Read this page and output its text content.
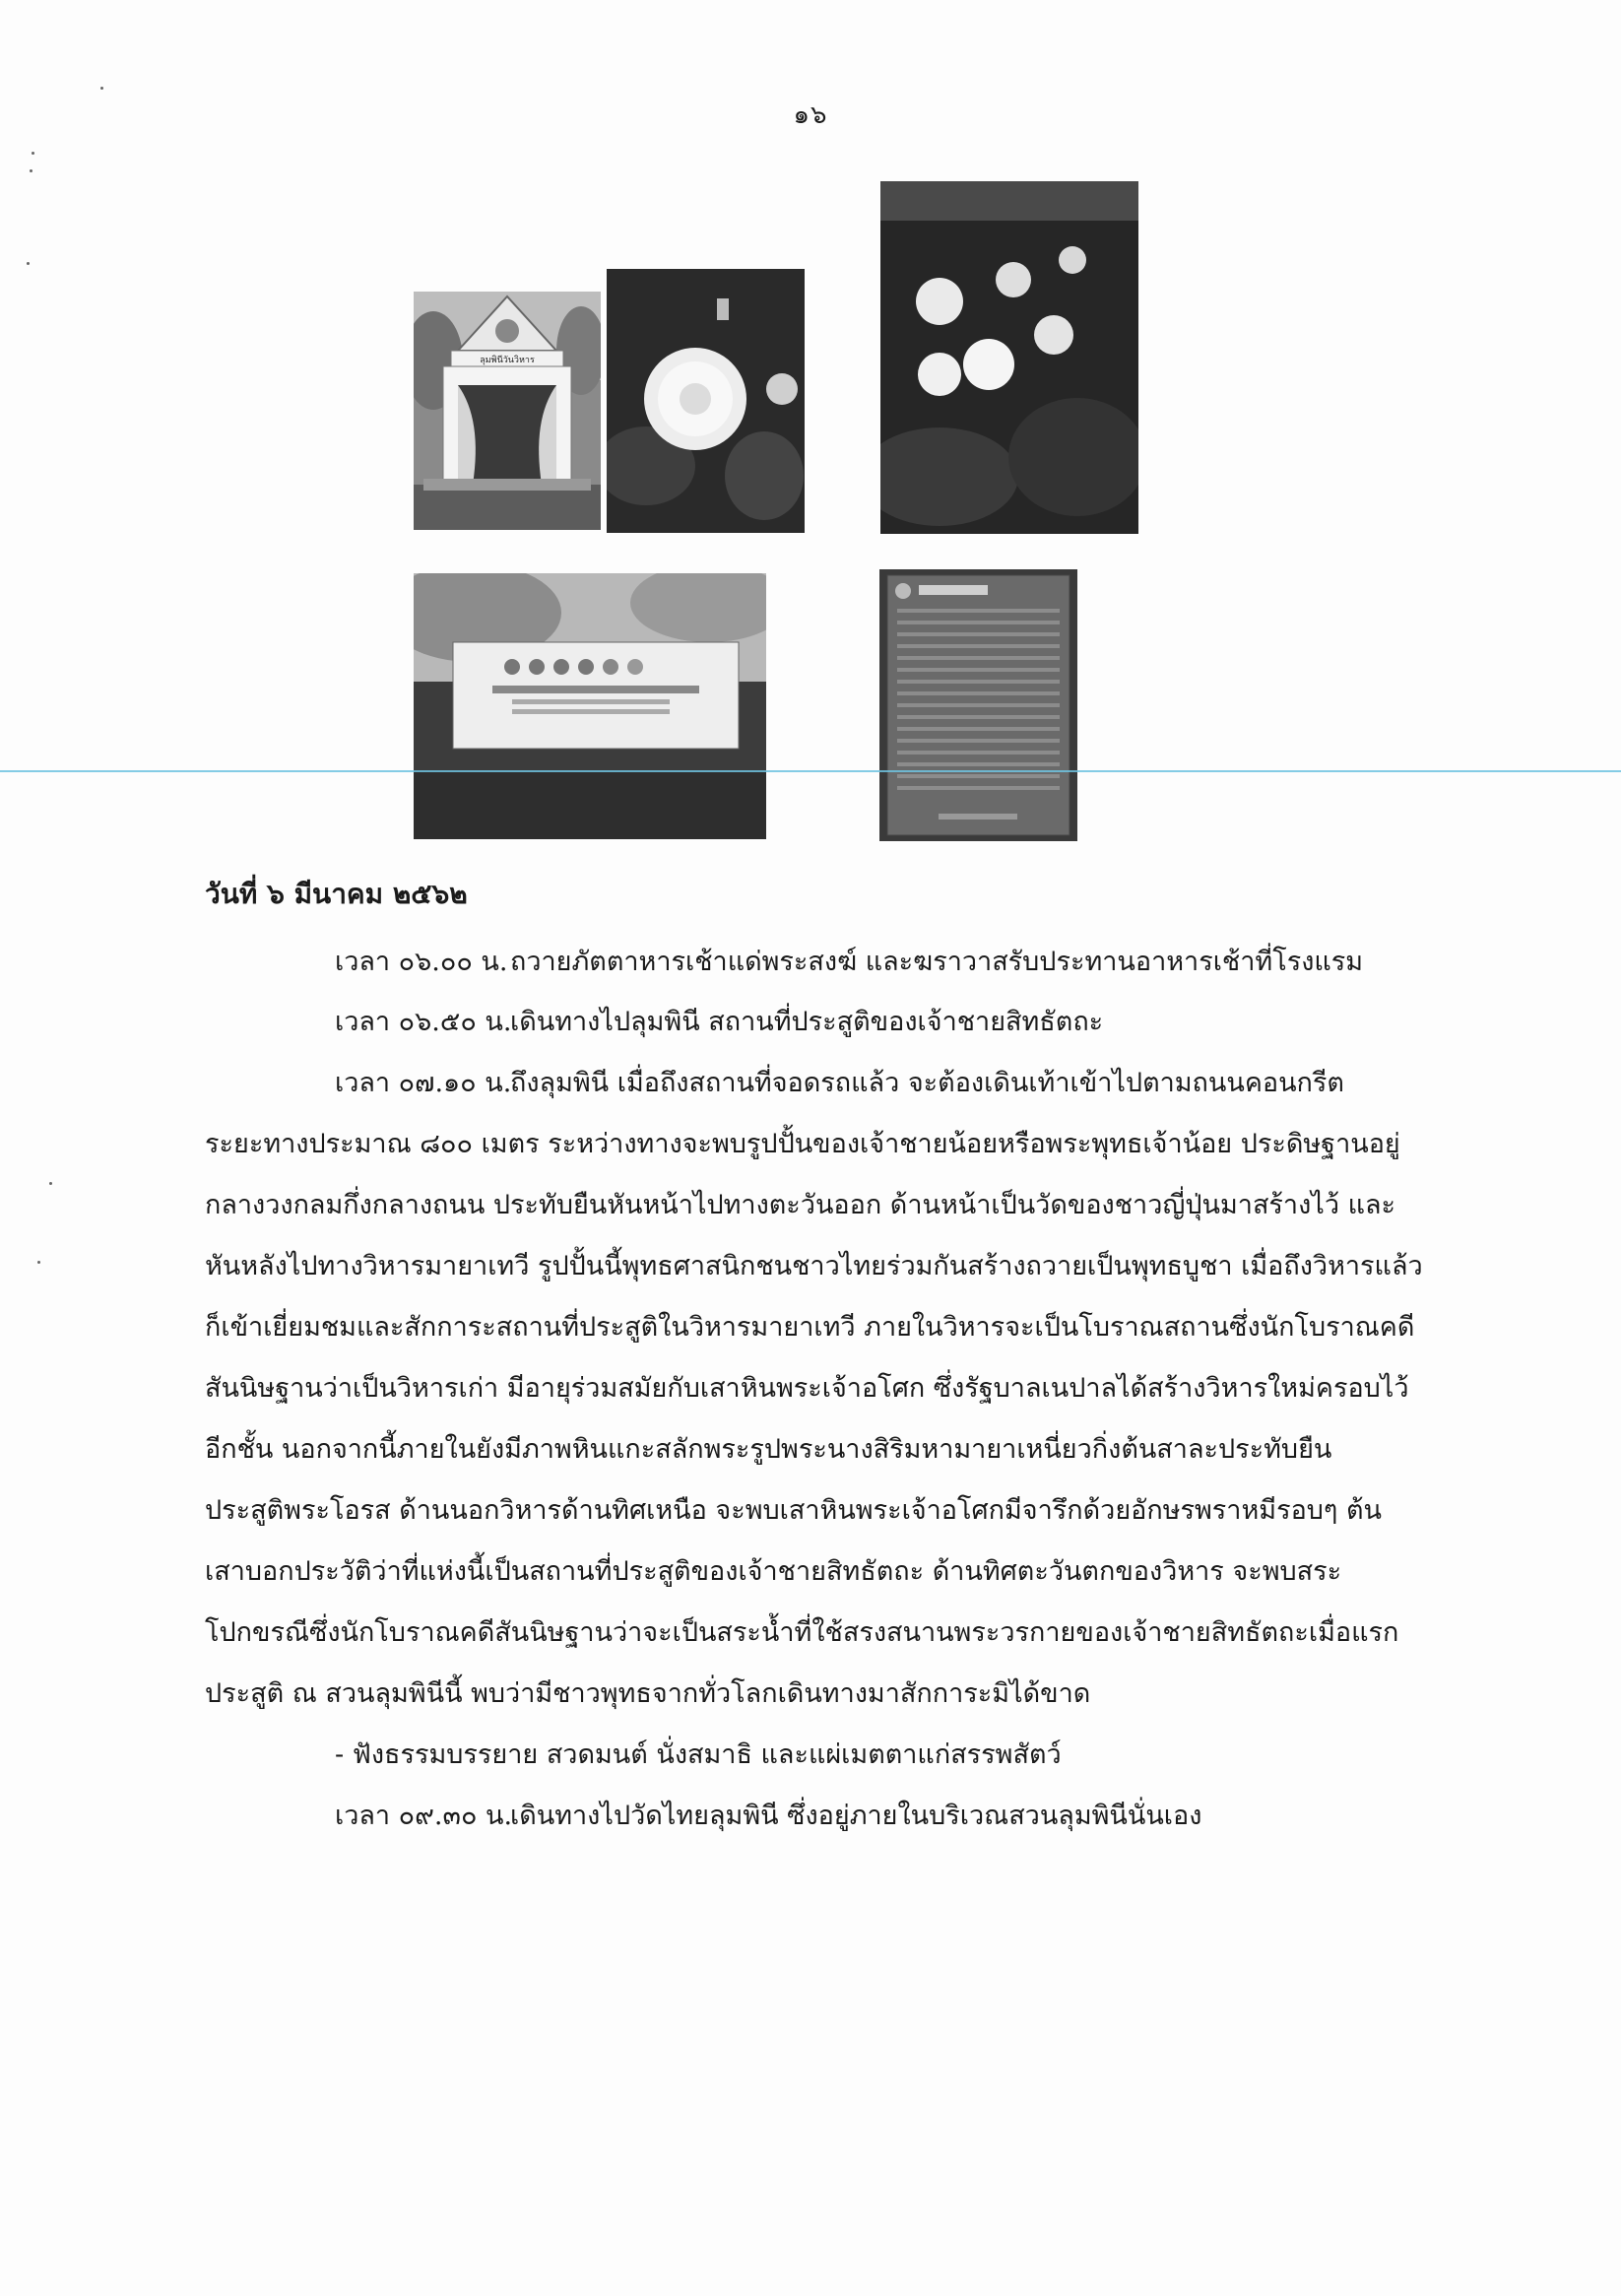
๑๖
ลุมพินีวันวิหาร
วันที่ ๖ มีนาคม ๒๕๖๒
เวลา ๐๖.๐๐ น.ถวายภัตตาหารเช้าแด่พระสงฆ์ และฆราวาสรับประทานอาหารเช้าที่โรงแรม
เวลา ๐๖.๕๐ น.เดินทางไปลุมพินี สถานที่ประสูติของเจ้าชายสิทธัตถะ
เวลา ๐๗.๑๐ น.ถึงลุมพินี เมื่อถึงสถานที่จอดรถแล้ว จะต้องเดินเท้าเข้าไปตามถนนคอนกรีต
ระยะทางประมาณ ๘๐๐ เมตร ระหว่างทางจะพบรูปปั้นของเจ้าชายน้อยหรือพระพุทธเจ้าน้อย ประดิษฐานอยู่
กลางวงกลมกึ่งกลางถนน ประทับยืนหันหน้าไปทางตะวันออก ด้านหน้าเป็นวัดของชาวญี่ปุ่นมาสร้างไว้ และ
หันหลังไปทางวิหารมายาเทวี รูปปั้นนี้พุทธศาสนิกชนชาวไทยร่วมกันสร้างถวายเป็นพุทธบูชา เมื่อถึงวิหารแล้ว
ก็เข้าเยี่ยมชมและสักการะสถานที่ประสูติในวิหารมายาเทวี ภายในวิหารจะเป็นโบราณสถานซึ่งนักโบราณคดี
สันนิษฐานว่าเป็นวิหารเก่า มีอายุร่วมสมัยกับเสาหินพระเจ้าอโศก ซึ่งรัฐบาลเนปาลได้สร้างวิหารใหม่ครอบไว้
อีกชั้น นอกจากนี้ภายในยังมีภาพหินแกะสลักพระรูปพระนางสิริมหามายาเหนี่ยวกิ่งต้นสาละประทับยืน
ประสูติพระโอรส ด้านนอกวิหารด้านทิศเหนือ จะพบเสาหินพระเจ้าอโศกมีจารึกด้วยอักษรพราหมีรอบๆ ต้น
เสาบอกประวัติว่าที่แห่งนี้เป็นสถานที่ประสูติของเจ้าชายสิทธัตถะ ด้านทิศตะวันตกของวิหาร จะพบสระ
โปกขรณีซึ่งนักโบราณคดีสันนิษฐานว่าจะเป็นสระน้ำที่ใช้สรงสนานพระวรกายของเจ้าชายสิทธัตถะเมื่อแรก
ประสูติ ณ สวนลุมพินีนี้ พบว่ามีชาวพุทธจากทั่วโลกเดินทางมาสักการะมิได้ขาด
- ฟังธรรมบรรยาย สวดมนต์ นั่งสมาธิ และแผ่เมตตาแก่สรรพสัตว์
เวลา ๐๙.๓๐ น.เดินทางไปวัดไทยลุมพินี ซึ่งอยู่ภายในบริเวณสวนลุมพินีนั่นเอง
